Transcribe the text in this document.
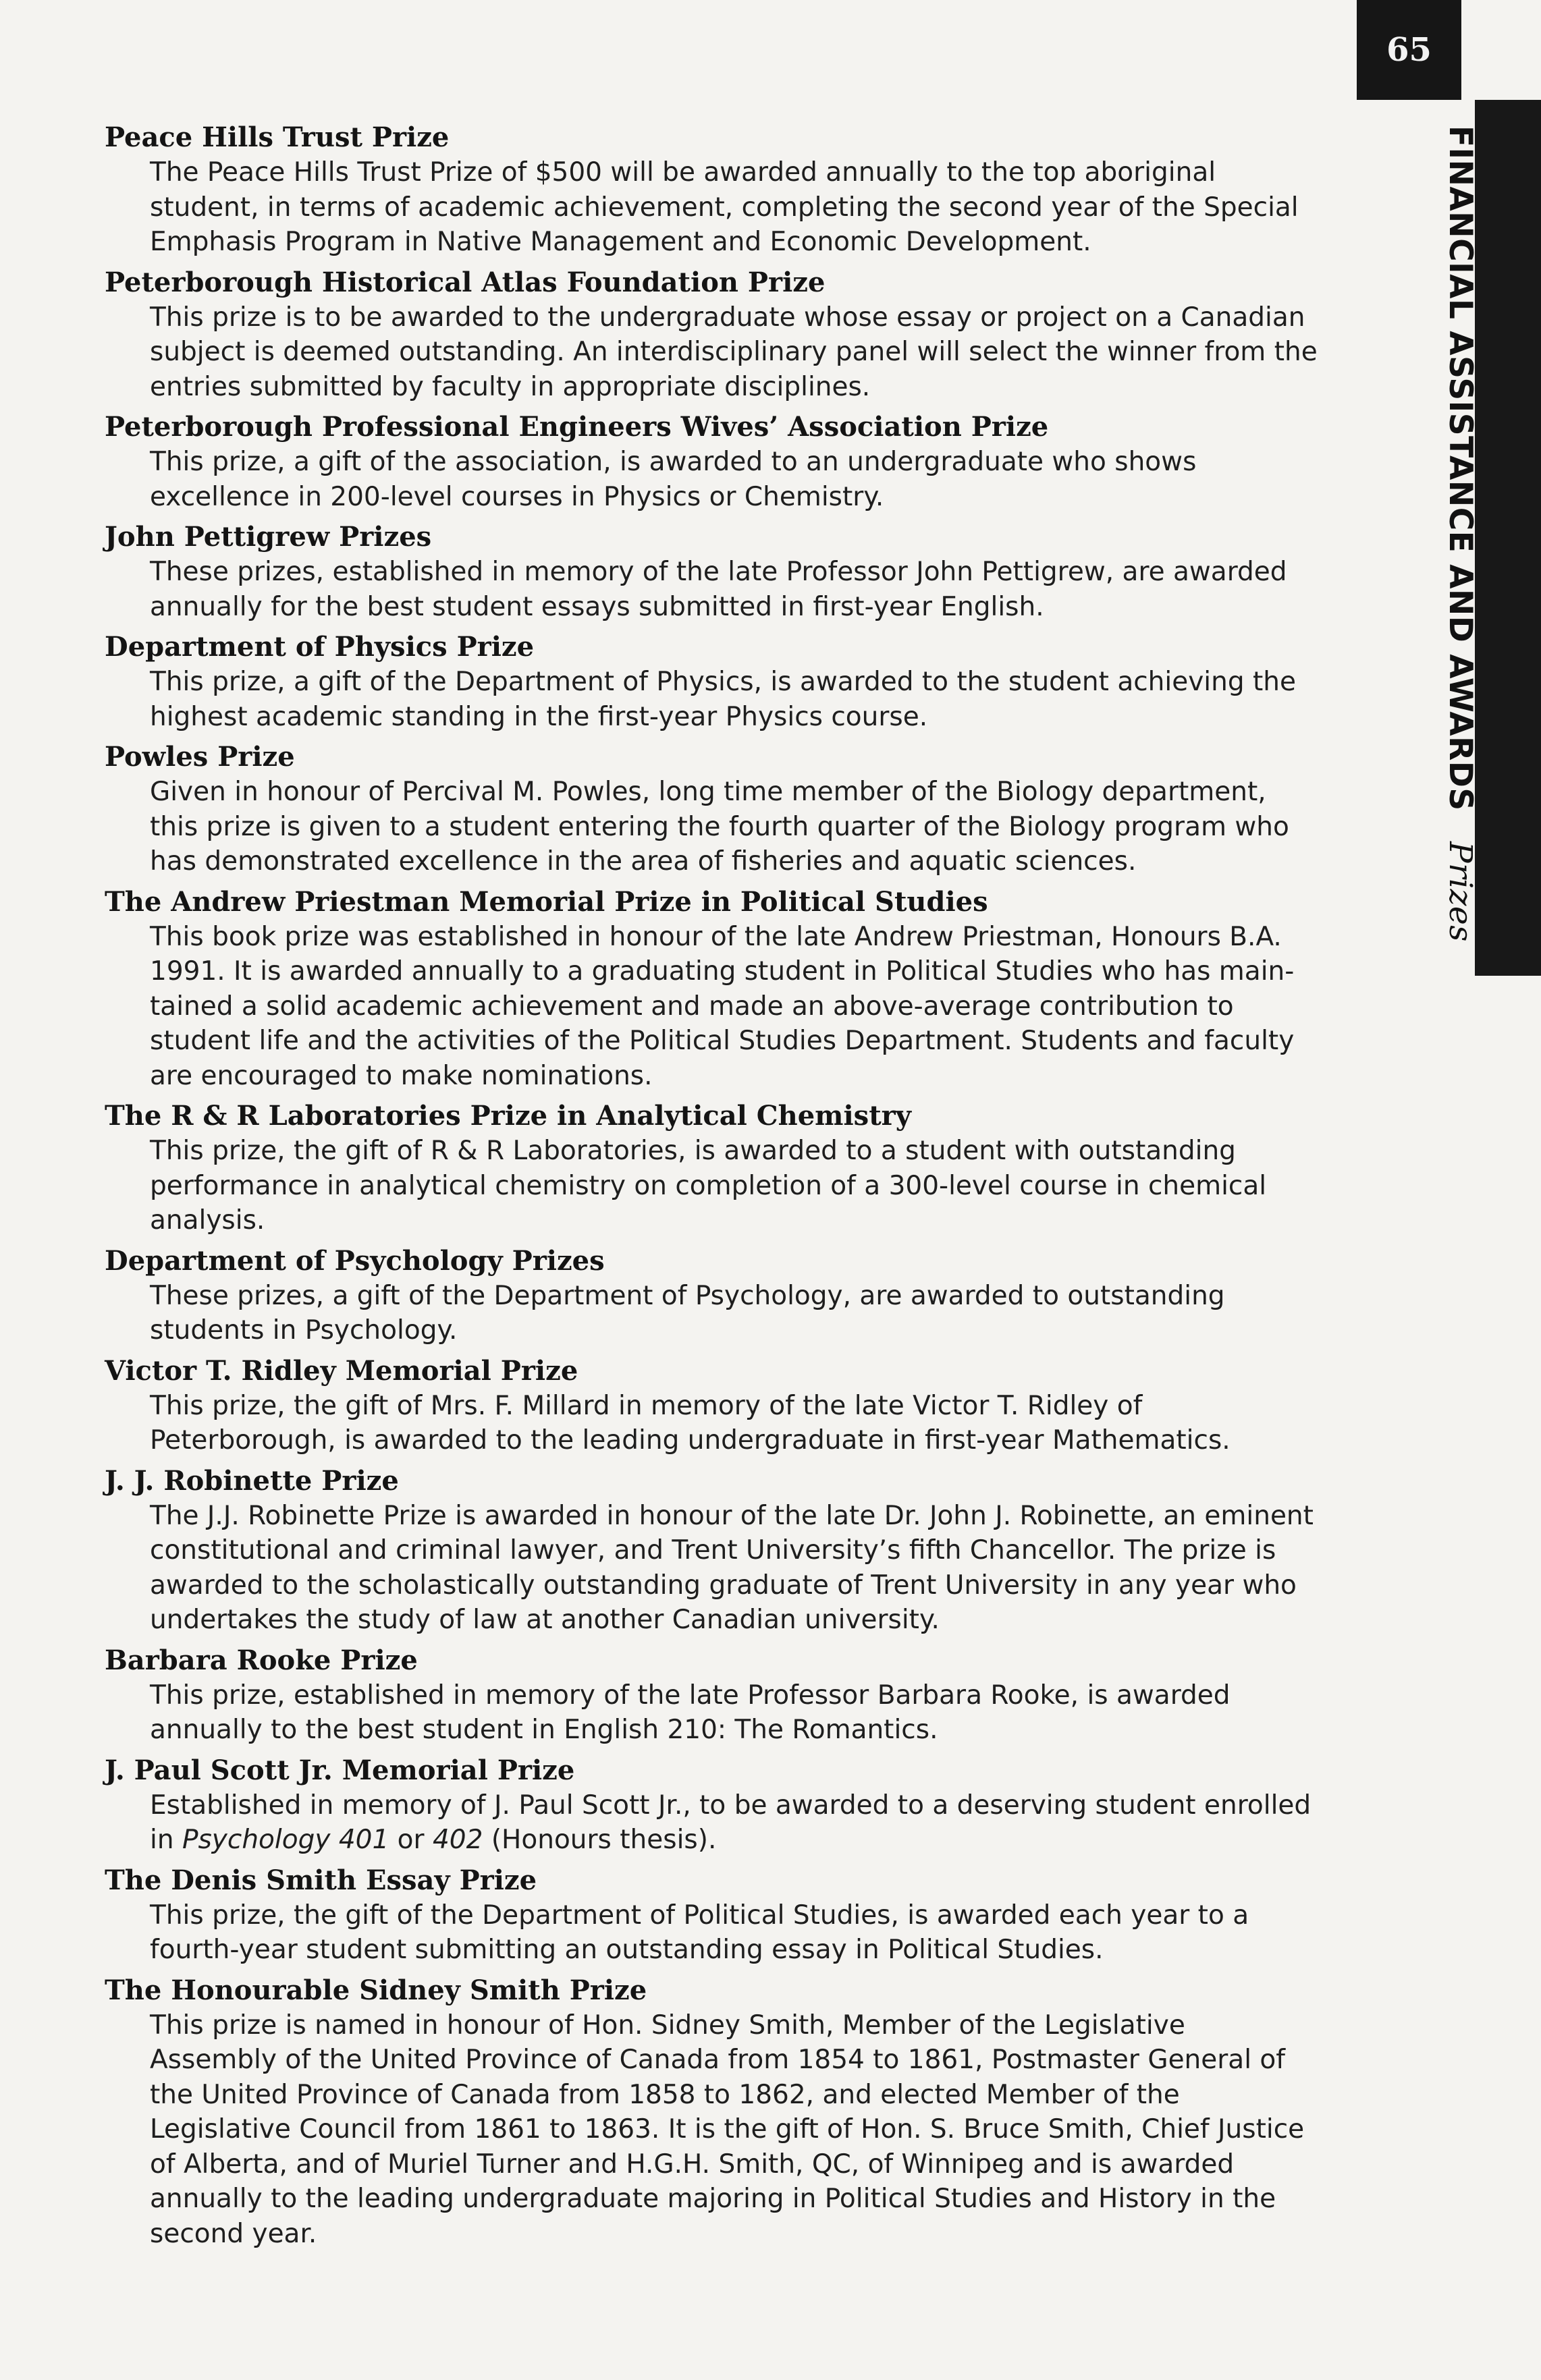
65
FINANCIAL ASSISTANCE AND AWARDS Prizes

Peace Hills Trust Prize

The Peace Hills Trust Prize of $500 will be awarded annually to the top aboriginal
student, in terms of academic achievement, completing the second year of the Special
Emphasis Program in Native Management and Economic Development.

Peterborough Historical Atlas Foundation Prize

This prize is to be awarded to the undergraduate whose essay or project on a Canadian
subject is deemed outstanding. An interdisciplinary panel will select the winner from the
entries submitted by faculty in appropriate disciplines.

Peterborough Professional Engineers Wives’ Association Prize

This prize, a gift of the association, is awarded to an undergraduate who shows
excellence in 200-level courses in Physics or Chemistry.

John Pettigrew Prizes

These prizes, established in memory of the late Professor John Pettigrew, are awarded
annually for the best student essays submitted in first-year English.

Department of Physics Prize

This prize, a gift of the Department of Physics, is awarded to the student achieving the
highest academic standing in the first-year Physics course.

Powles Prize

Given in honour of Percival M. Powles, long time member of the Biology department,
this prize is given to a student entering the fourth quarter of the Biology program who
has demonstrated excellence in the area of fisheries and aquatic sciences.

The Andrew Priestman Memorial Prize in Political Studies

This book prize was established in honour of the late Andrew Priestman, Honours B.A.
1991. It is awarded annually to a graduating student in Political Studies who has main-
tained a solid academic achievement and made an above-average contribution to
student life and the activities of the Political Studies Department. Students and faculty
are encouraged to make nominations.

The R & R Laboratories Prize in Analytical Chemistry

This prize, the gift of R & R Laboratories, is awarded to a student with outstanding
performance in analytical chemistry on completion of a 300-level course in chemical
analysis.

Department of Psychology Prizes

These prizes, a gift of the Department of Psychology, are awarded to outstanding
students in Psychology.

Victor T. Ridley Memorial Prize

This prize, the gift of Mrs. F. Millard in memory of the late Victor T. Ridley of
Peterborough, is awarded to the leading undergraduate in first-year Mathematics.

J. J. Robinette Prize

The J.J. Robinette Prize is awarded in honour of the late Dr. John J. Robinette, an eminent
constitutional and criminal lawyer, and Trent University’s fifth Chancellor. The prize is
awarded to the scholastically outstanding graduate of Trent University in any year who
undertakes the study of law at another Canadian university.

Barbara Rooke Prize

This prize, established in memory of the late Professor Barbara Rooke, is awarded
annually to the best student in English 210: The Romantics.

J. Paul Scott Jr. Memorial Prize

Established in memory of J. Paul Scott Jr., to be awarded to a deserving student enrolled
in Psychology 401 or 402 (Honours thesis).

The Denis Smith Essay Prize

This prize, the gift of the Department of Political Studies, is awarded each year to a
fourth-year student submitting an outstanding essay in Political Studies.

The Honourable Sidney Smith Prize

This prize is named in honour of Hon. Sidney Smith, Member of the Legislative
Assembly of the United Province of Canada from 1854 to 1861, Postmaster General of
the United Province of Canada from 1858 to 1862, and elected Member of the
Legislative Council from 1861 to 1863. It is the gift of Hon. S. Bruce Smith, Chief Justice
of Alberta, and of Muriel Turner and H.G.H. Smith, QC, of Winnipeg and is awarded
annually to the leading undergraduate majoring in Political Studies and History in the
second year.
